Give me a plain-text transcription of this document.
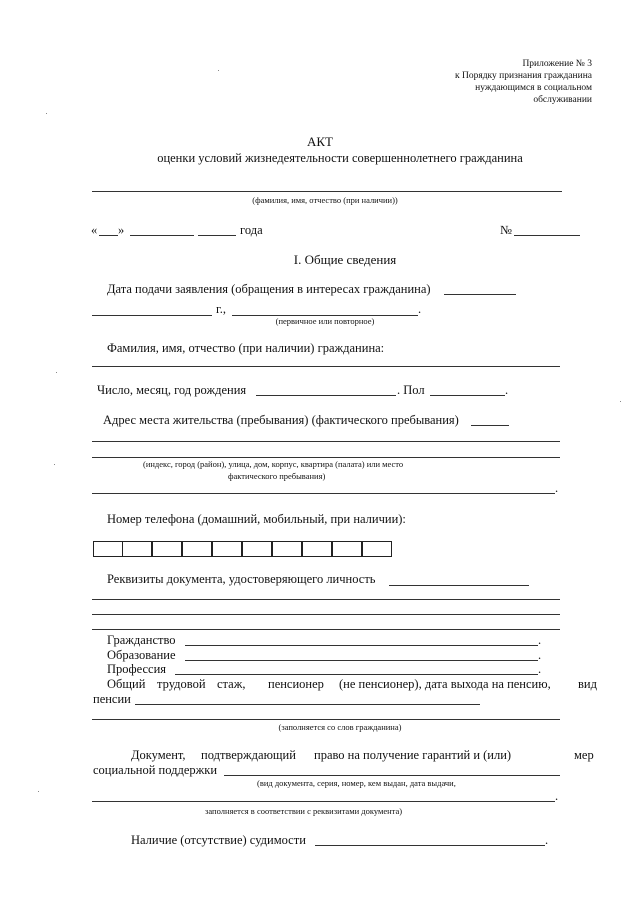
Приложение № 3
к Порядку признания гражданина
нуждающимся в социальном
обслуживании
АКТ
оценки условий жизнедеятельности совершеннолетнего гражданина
(фамилия, имя, отчество (при наличии))
« »	года	№
I. Общие сведения
Дата подачи заявления (обращения в интересах гражданина)
г.,	.
(первичное или повторное)
Фамилия, имя, отчество (при наличии) гражданина:
Число, месяц, год рождения	. Пол	.
Адрес места жительства (пребывания) (фактического пребывания)
(индекс, город (район), улица, дом, корпус, квартира (палата) или место
фактического пребывания)
.
Номер телефона (домашний, мобильный, при наличии):
Реквизиты документа, удостоверяющего личность
Гражданство	.
Образование	.
Профессия	.
Общий трудовой стаж, пенсионер (не пенсионер), дата выхода на пенсию, вид
пенсии
(заполняется со слов гражданина)
Документ, подтверждающий право на получение гарантий и (или)	мер
социальной поддержки
(вид документа, серия, номер, кем выдан, дата выдачи,
.
заполняется в соответствии с реквизитами документа)
Наличие (отсутствие) судимости	.
